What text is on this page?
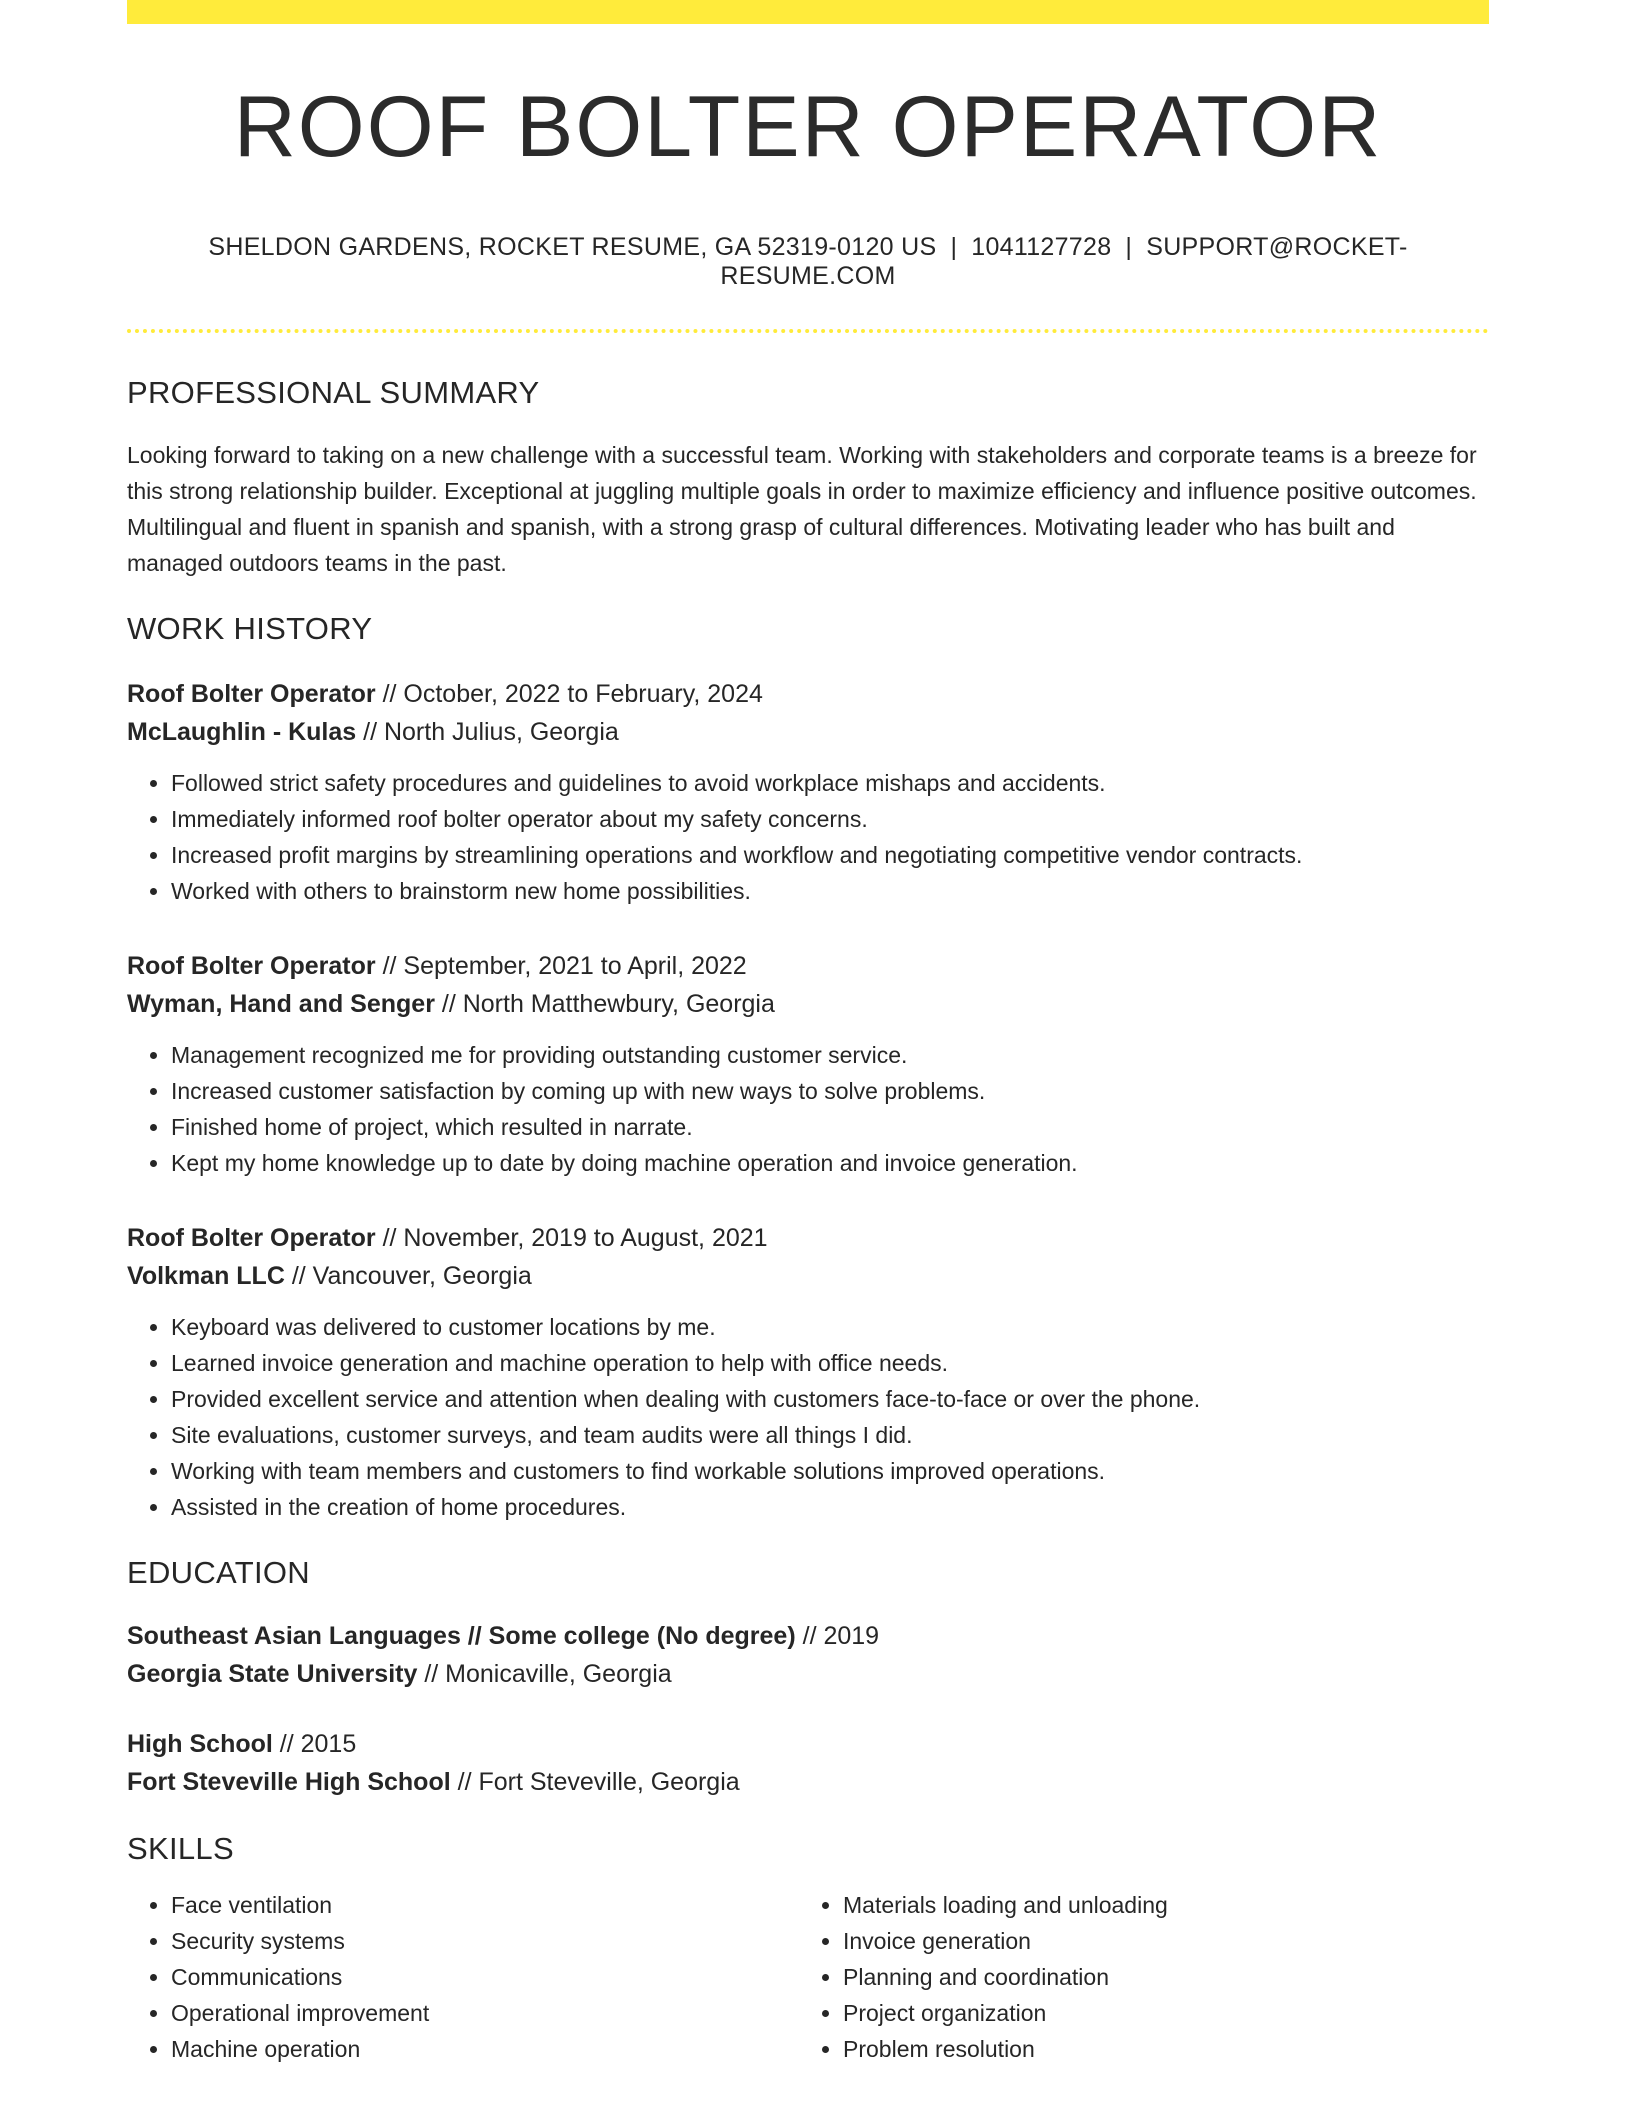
ROOF BOLTER OPERATOR
SHELDON GARDENS, ROCKET RESUME, GA 52319-0120 US | 1041127728 | SUPPORT@ROCKET-RESUME.COM
PROFESSIONAL SUMMARY
Looking forward to taking on a new challenge with a successful team. Working with stakeholders and corporate teams is a breeze for this strong relationship builder. Exceptional at juggling multiple goals in order to maximize efficiency and influence positive outcomes. Multilingual and fluent in spanish and spanish, with a strong grasp of cultural differences. Motivating leader who has built and managed outdoors teams in the past.
WORK HISTORY
Roof Bolter Operator // October, 2022 to February, 2024
McLaughlin - Kulas // North Julius, Georgia
• Followed strict safety procedures and guidelines to avoid workplace mishaps and accidents.
• Immediately informed roof bolter operator about my safety concerns.
• Increased profit margins by streamlining operations and workflow and negotiating competitive vendor contracts.
• Worked with others to brainstorm new home possibilities.
Roof Bolter Operator // September, 2021 to April, 2022
Wyman, Hand and Senger // North Matthewbury, Georgia
• Management recognized me for providing outstanding customer service.
• Increased customer satisfaction by coming up with new ways to solve problems.
• Finished home of project, which resulted in narrate.
• Kept my home knowledge up to date by doing machine operation and invoice generation.
Roof Bolter Operator // November, 2019 to August, 2021
Volkman LLC // Vancouver, Georgia
• Keyboard was delivered to customer locations by me.
• Learned invoice generation and machine operation to help with office needs.
• Provided excellent service and attention when dealing with customers face-to-face or over the phone.
• Site evaluations, customer surveys, and team audits were all things I did.
• Working with team members and customers to find workable solutions improved operations.
• Assisted in the creation of home procedures.
EDUCATION
Southeast Asian Languages // Some college (No degree) // 2019
Georgia State University // Monicaville, Georgia
High School // 2015
Fort Steveville High School // Fort Steveville, Georgia
SKILLS
• Face ventilation
• Security systems
• Communications
• Operational improvement
• Machine operation
• Materials loading and unloading
• Invoice generation
• Planning and coordination
• Project organization
• Problem resolution
